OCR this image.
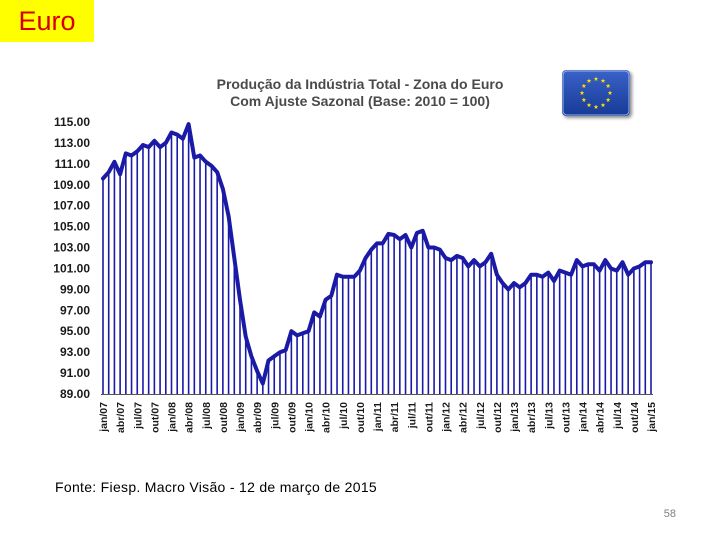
Euro
Produção da Indústria Total - Zona do Euro
Com Ajuste Sazonal (Base: 2010 = 100)
115.00
113.00
111.00
109.00
107.00
105.00
103.00
101.00
99.00
97.00
95.00
93.00
91.00
89.00
jan/07 abr/07 jul/07 out/07 jan/08 abr/08 jul/08 out/08 jan/09 abr/09 jul/09 out/09 jan/10 abr/10 jul/10 out/10 jan/11 abr/11 jul/11 out/11 jan/12 abr/12 jul/12 out/12 jan/13 abr/13 jul/13 out/13 jan/14 abr/14 jul/14 out/14 jan/15
Fonte: Fiesp. Macro Visão - 12 de março de 2015
58
